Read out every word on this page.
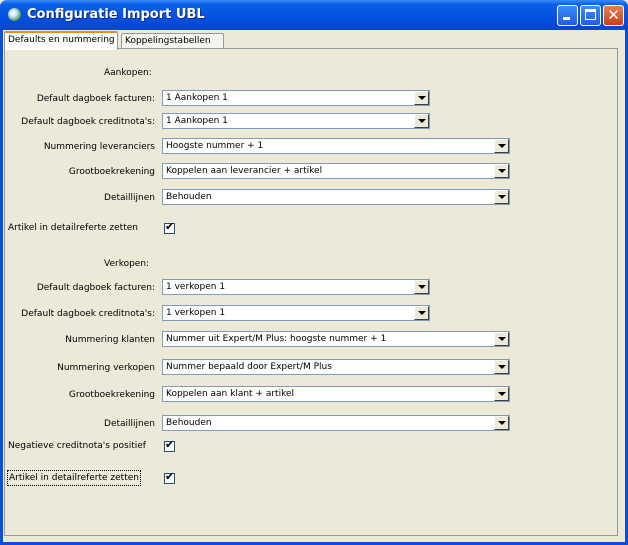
Configuratie Import UBL	✕
Defaults en nummering	Koppelingstabellen
Aankopen:
Default dagboek facturen: 1 Aankopen 1
Default dagboek creditnota's: 1 Aankopen 1
Nummering leveranciers Hoogste nummer + 1
Grootboekrekening Koppelen aan leverancier + artikel
Detaillijnen Behouden
Artikel in detailreferte zetten ✔
Verkopen:
Default dagboek facturen: 1 verkopen 1
Default dagboek creditnota's: 1 verkopen 1
Nummering klanten Nummer uit Expert/M Plus: hoogste nummer + 1
Nummering verkopen Nummer bepaald door Expert/M Plus
Grootboekrekening Koppelen aan klant + artikel
Detaillijnen Behouden
Negatieve creditnota's positief ✔
Artikel in detailreferte zetten ✔
